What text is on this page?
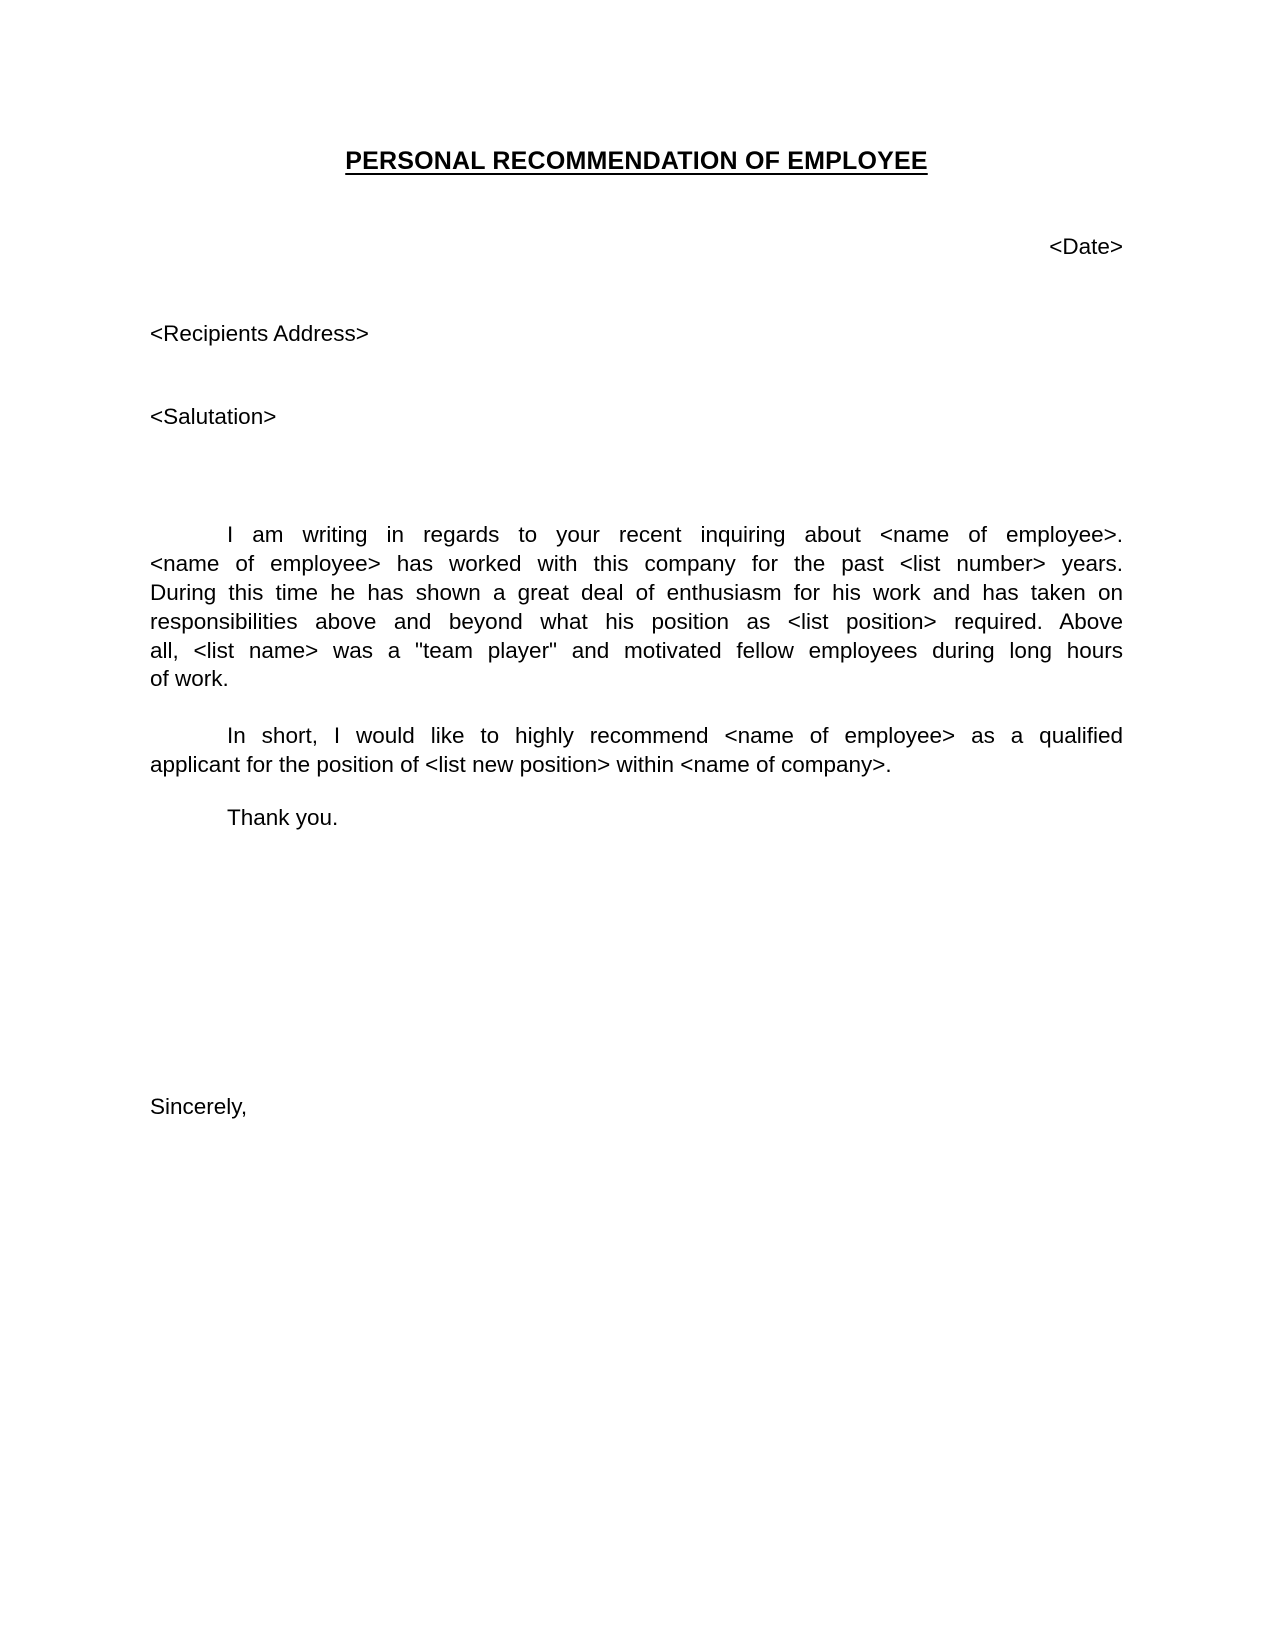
PERSONAL RECOMMENDATION OF EMPLOYEE
<Date>
<Recipients Address>
<Salutation>
I am writing in regards to your recent inquiring about <name of employee>.
<name of employee> has worked with this company for the past <list number> years.
During this time he has shown a great deal of enthusiasm for his work and has taken on
responsibilities above and beyond what his position as <list position> required. Above
all, <list name> was a "team player" and motivated fellow employees during long hours
of work.
In short, I would like to highly recommend <name of employee> as a qualified
applicant for the position of <list new position> within <name of company>.
Thank you.
Sincerely,
